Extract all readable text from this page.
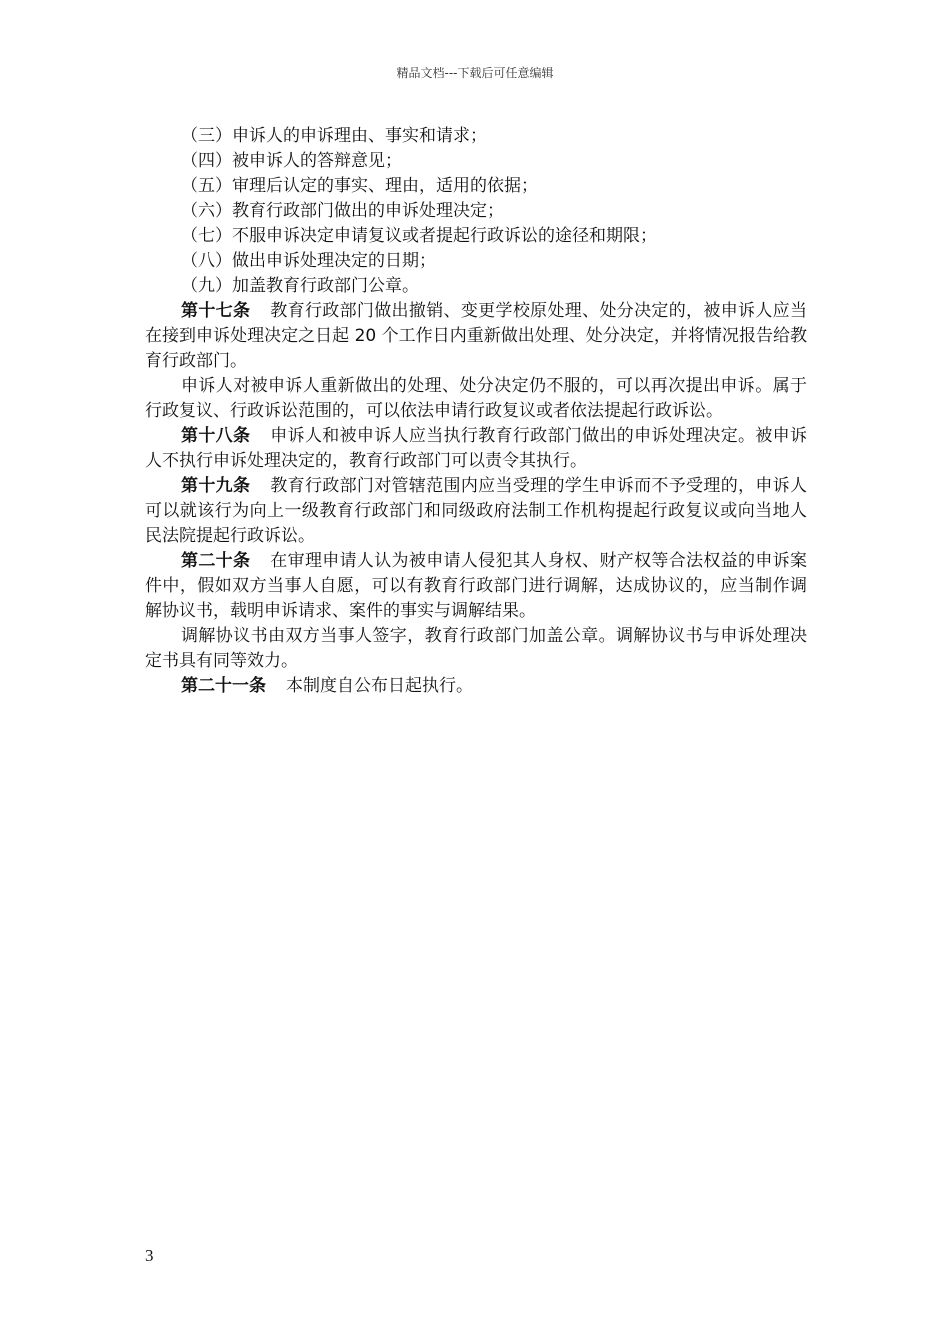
精品文档---下载后可任意编辑

（三）申诉人的申诉理由、事实和请求；

（四）被申诉人的答辩意见；

（五）审理后认定的事实、理由，适用的依据；

（六）教育行政部门做出的申诉处理决定；

（七）不服申诉决定申请复议或者提起行政诉讼的途径和期限；

（八）做出申诉处理决定的日期；

（九）加盖教育行政部门公章。

第十七条 教育行政部门做出撤销、变更学校原处理、处分决定的，被申诉人应当在接到申诉处理决定之日起 20 个工作日内重新做出处理、处分决定，并将情况报告给教育行政部门。

申诉人对被申诉人重新做出的处理、处分决定仍不服的，可以再次提出申诉。属于行政复议、行政诉讼范围的，可以依法申请行政复议或者依法提起行政诉讼。

第十八条 申诉人和被申诉人应当执行教育行政部门做出的申诉处理决定。被申诉人不执行申诉处理决定的，教育行政部门可以责令其执行。

第十九条 教育行政部门对管辖范围内应当受理的学生申诉而不予受理的，申诉人可以就该行为向上一级教育行政部门和同级政府法制工作机构提起行政复议或向当地人民法院提起行政诉讼。

第二十条 在审理申请人认为被申请人侵犯其人身权、财产权等合法权益的申诉案件中，假如双方当事人自愿，可以有教育行政部门进行调解，达成协议的，应当制作调解协议书，载明申诉请求、案件的事实与调解结果。

调解协议书由双方当事人签字，教育行政部门加盖公章。调解协议书与申诉处理决定书具有同等效力。

第二十一条 本制度自公布日起执行。

3
